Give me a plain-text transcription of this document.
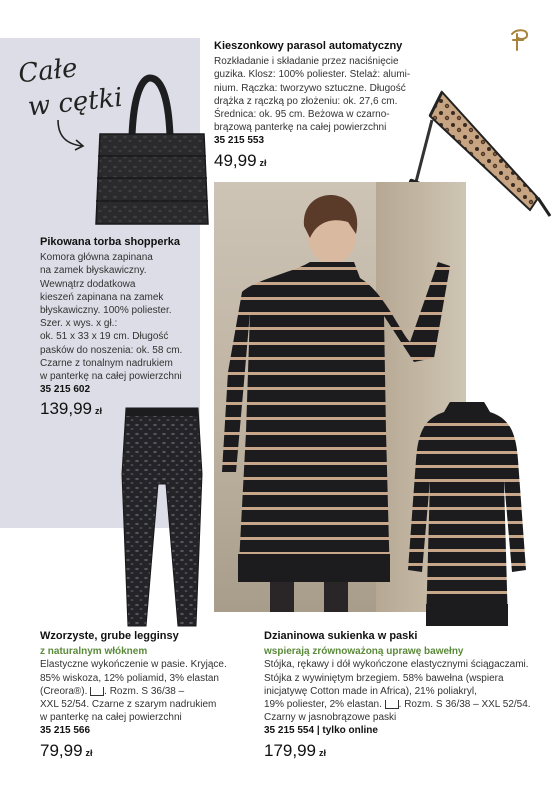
Całe
w cętki
Kieszonkowy parasol automatyczny
Rozkładanie i składanie przez naciśnięcie
guzika. Klosz: 100% poliester. Stelaż: alumi-
nium. Rączka: tworzywo sztuczne. Długość
drążka z rączką po złożeniu: ok. 27,6 cm.
Średnica: ok. 95 cm. Beżowa w czarno-
brązową panterkę na całej powierzchni
35 215 553
49,99 zł
Pikowana torba shopperka
Komora główna zapinana
na zamek błyskawiczny.
Wewnątrz dodatkowa
kieszeń zapinana na zamek
błyskawiczny. 100% poliester.
Szer. x wys. x gł.:
ok. 51 x 33 x 19 cm. Długość
pasków do noszenia: ok. 58 cm.
Czarne z tonalnym nadrukiem
w panterkę na całej powierzchni
35 215 602
139,99 zł
Wzorzyste, grube legginsy
z naturalnym włóknem
Elastyczne wykończenie w pasie. Kryjące.
85% wiskoza, 12% poliamid, 3% elastan
(Creora®). . Rozm. S 36/38 –
XXL 52/54. Czarne z szarym nadrukiem
w panterkę na całej powierzchni
35 215 566
79,99 zł
Dzianinowa sukienka w paski
wspierają zrównoważoną uprawę bawełny
Stójka, rękawy i dół wykończone elastycznymi ściągaczami.
Stójka z wywiniętym brzegiem. 58% bawełna (wspiera
inicjatywę Cotton made in Africa), 21% poliakryl,
19% poliester, 2% elastan. . Rozm. S 36/38 – XXL 52/54.
Czarny w jasnobrązowe paski
35 215 554 | tylko online
179,99 zł
